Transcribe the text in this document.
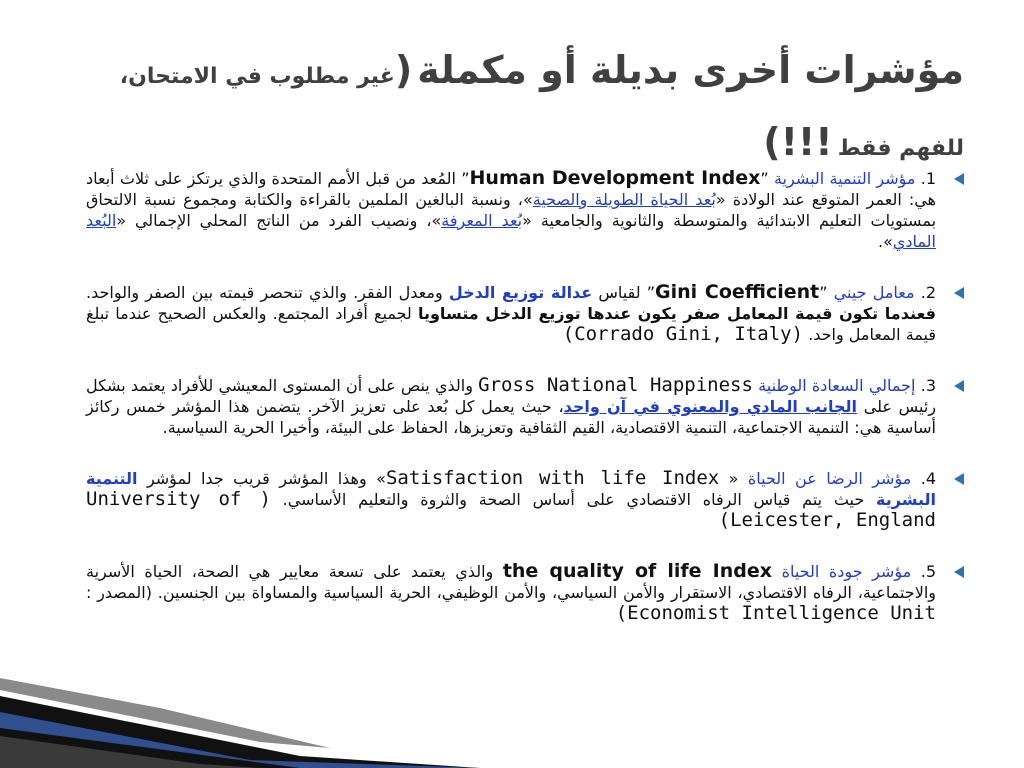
مؤشرات أخرى بديلة أو مكملة (غير مطلوب في الامتحان، للفهم فقط !!!)
1. مؤشر التنمية البشرية ”Human Development Index” المُعد من قبل الأمم المتحدة والذي يرتكز على ثلاث أبعاد هي: العمر المتوقع عند الولادة «بُعد الحياة الطويلة والصحية»، ونسبة البالغين الملمين بالقراءة والكتابة ومجموع نسبة الالتحاق بمستويات التعليم الابتدائية والمتوسطة والثانوية والجامعية «بُعد المعرفة»، ونصيب الفرد من الناتج المحلي الإجمالي «البُعد المادي».
2. معامل جيني ”Gini Coefficient” لقياس عدالة توزيع الدخل ومعدل الفقر. والذي تنحصر قيمته بين الصفر والواحد. فعندما تكون قيمة المعامل صفر يكون عندها توزيع الدخل متساويا لجميع أفراد المجتمع. والعكس الصحيح عندما تبلغ قيمة المعامل واحد. (Corrado Gini, Italy)
3. إجمالي السعادة الوطنية Gross National Happiness والذي ينص على أن المستوى المعيشي للأفراد يعتمد بشكل رئيس على الجانب المادي والمعنوي في آن واحد، حيث يعمل كل بُعد على تعزيز الآخر. يتضمن هذا المؤشر خمس ركائز أساسية هي: التنمية الاجتماعية، التنمية الاقتصادية، القيم الثقافية وتعزيزها، الحفاظ على البيئة، وأخيرا الحرية السياسية.
4. مؤشر الرضا عن الحياة « Satisfaction with life Index» وهذا المؤشر قريب جدا لمؤشر التنمية البشرية حيث يتم قياس الرفاه الاقتصادي على أساس الصحة والثروة والتعليم الأساسي. ( University of Leicester, England)
5. مؤشر جودة الحياة the quality of life Index والذي يعتمد على تسعة معايير هي الصحة، الحياة الأسرية والاجتماعية، الرفاه الاقتصادي، الاستقرار والأمن السياسي، والأمن الوظيفي، الحرية السياسية والمساواة بين الجنسين. (المصدر : Economist Intelligence Unit)
